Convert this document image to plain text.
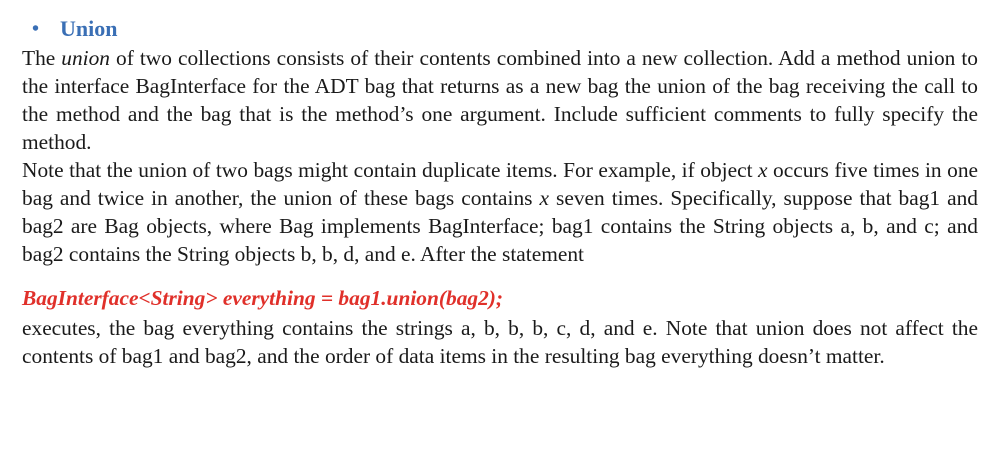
• Union

The union of two collections consists of their contents combined into a new collection. Add a method union to the interface BagInterface for the ADT bag that returns as a new bag the union of the bag receiving the call to the method and the bag that is the method’s one argument. Include sufficient comments to fully specify the method.

Note that the union of two bags might contain duplicate items. For example, if object x occurs five times in one bag and twice in another, the union of these bags contains x seven times. Specifically, suppose that bag1 and bag2 are Bag objects, where Bag implements BagInterface; bag1 contains the String objects a, b, and c; and bag2 contains the String objects b, b, d, and e. After the statement

BagInterface<String> everything = bag1.union(bag2);

executes, the bag everything contains the strings a, b, b, b, c, d, and e. Note that union does not affect the contents of bag1 and bag2, and the order of data items in the resulting bag everything doesn’t matter.
